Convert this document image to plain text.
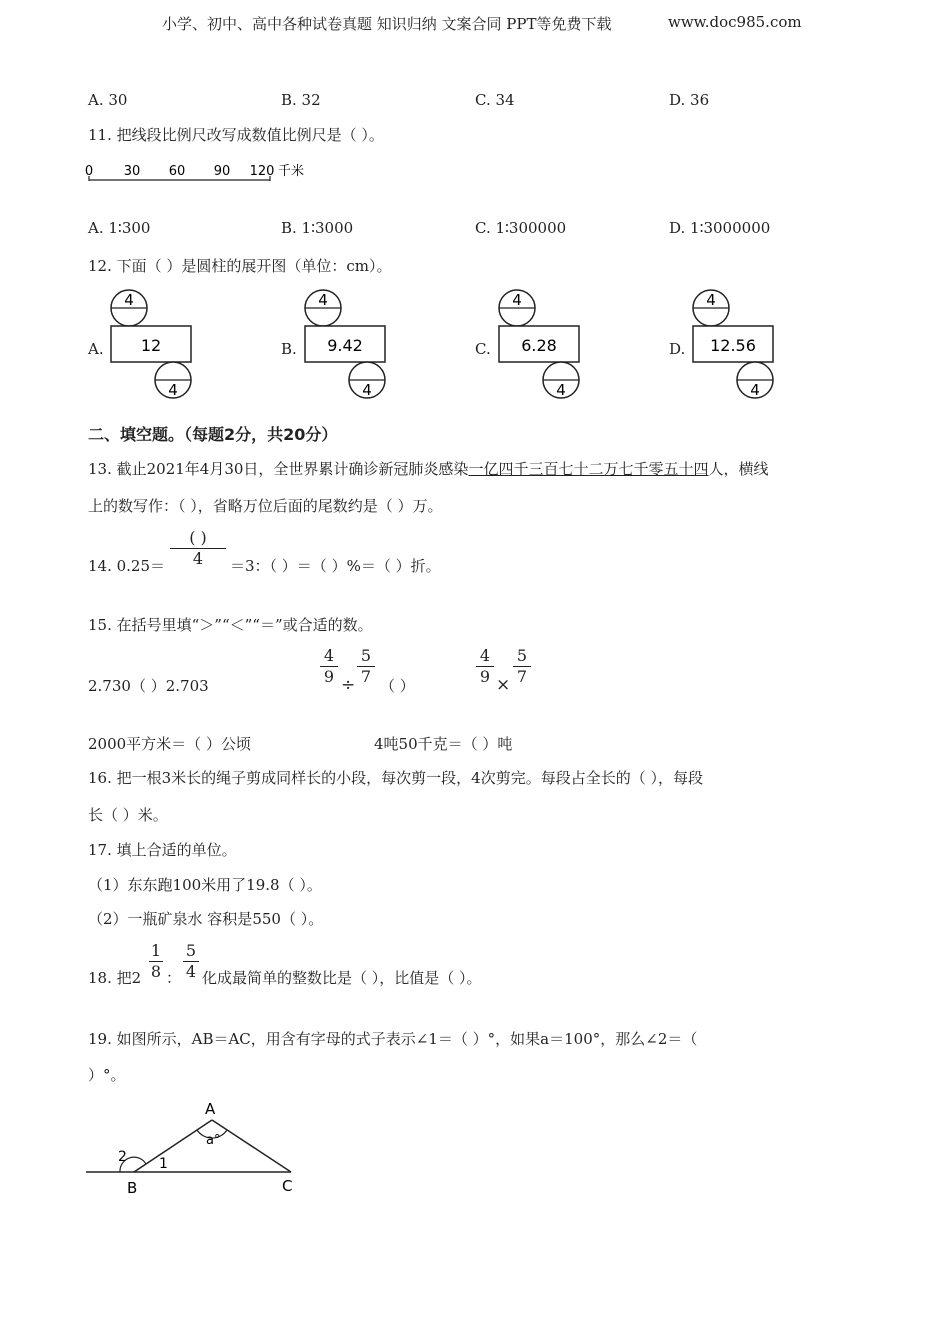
小学、初中、高中各种试卷真题 知识归纳 文案合同 PPT等免费下载	www.doc985.com
A. 30	B. 32	C. 34	D. 36
11. 把线段比例尺改写成数值比例尺是（ ）。
0 30 60 90 120 千米
A. 1∶300	B. 1∶3000	C. 1∶300000	D. 1∶3000000
12. 下面（ ）是圆柱的展开图（单位：cm）。
A.
4
12
4
B.
4
9.42
4
C.
4
6.28
4
D.
4
12.56
4
二、填空题。（每题2分，共20分）
13. 截止2021年4月30日，全世界累计确诊新冠肺炎感染一亿四千三百七十二万七千零五十四人，横线
上的数写作：（ ），省略万位后面的尾数约是（ ）万。
14. 0.25＝
( )
4	＝3：（ ）＝（ ）%＝（ ）折。
15. 在括号里填“＞”“＜”“＝”或合适的数。
2.730（ ）2.703
4
9 ÷
5
7 （ ）
4
9 ×
5
7
2000平方米＝（ ）公顷	4吨50千克＝（ ）吨
16. 把一根3米长的绳子剪成同样长的小段，每次剪一段，4次剪完。每段占全长的（ ），每段
长（ ）米。
17. 填上合适的单位。
（1）东东跑100米用了19.8（ ）。
（2）一瓶矿泉水 容积是550（ ）。
18. 把2
1
8 ：
5
4 化成最简单的整数比是（ ），比值是（ ）。
19. 如图所示，AB＝AC，用含有字母的式子表示∠1＝（ ）°，如果a＝100°，那么∠2＝（
）°。
A
B	C
a°
1
2
